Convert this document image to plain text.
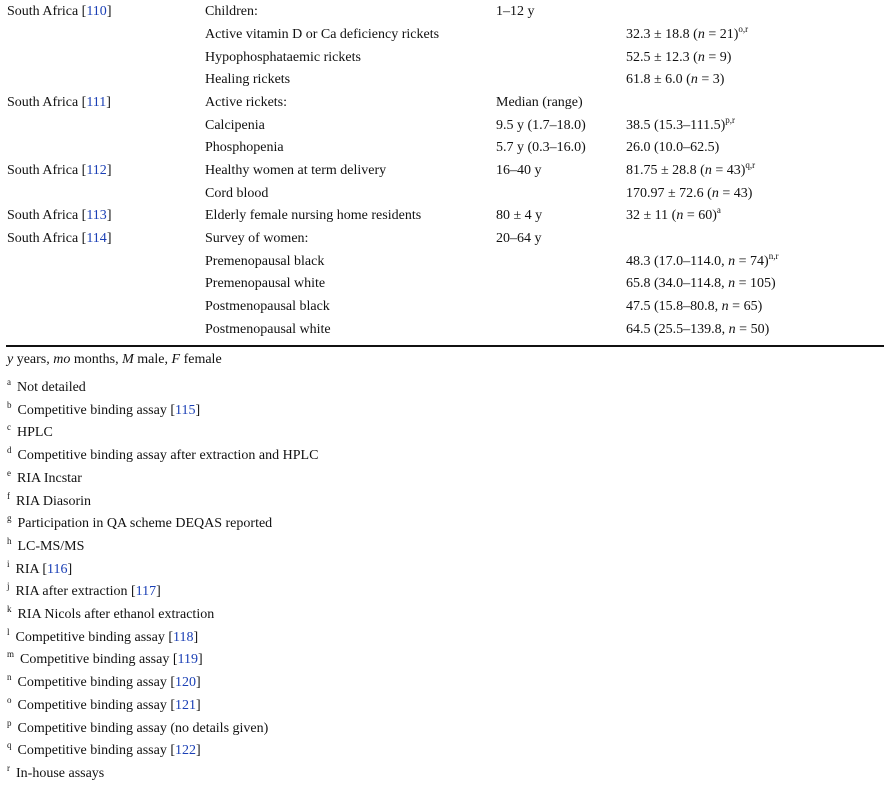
South Africa [110]	Children:	1–12 y
Active vitamin D or Ca deficiency rickets	32.3 ± 18.8 (n = 21)$^{o,r}$
Hypophosphataemic rickets	52.5 ± 12.3 (n = 9)
Healing rickets	61.8 ± 6.0 (n = 3)
South Africa [111]	Active rickets:	Median (range)
Calcipenia	9.5 y (1.7–18.0)	38.5 $(15.3-111.5)^{p,r}$
Phosphopenia	5.7 y (0.3–16.0)	26.0 (10.0–62.5)
South Africa [112]	Healthy women at term delivery	16–40 y	81.75 ± 28.8 (n = 43)$^{q,r}$
Cord blood	170.97 ± 72.6 (n = 43)
South Africa [113]	Elderly female nursing home residents	80 ± 4 y	32 ± 11 (n = 60)$^a$
South Africa [114]	Survey of women:	20–64 y
Premenopausal black	48.3 (17.0–114.0, n = 74)$^{n,r}$
Premenopausal white	65.8 (34.0–114.8, n = 105)
Postmenopausal black	47.5 (15.8–80.8, n = 65)
Postmenopausal white	64.5 (25.5–139.8, n = 50)
y years, mo months, M male, F female
$^a$ Not detailed
$^b$ Competitive binding assay [115]
$^c$ HPLC
$^d$ Competitive binding assay after extraction and HPLC
$^e$ RIA Incstar
$^f$ RIA Diasorin
$^g$ Participation in QA scheme DEQAS reported
$^h$ LC-MS/MS
$^i$ RIA [116]
$^j$ RIA after extraction [117]
$^k$ RIA Nicols after ethanol extraction
$^l$ Competitive binding assay [118]
$^m$ Competitive binding assay [119]
$^n$ Competitive binding assay [120]
$^o$ Competitive binding assay [121]
$^p$ Competitive binding assay (no details given)
$^q$ Competitive binding assay [122]
$^r$ In-house assays
